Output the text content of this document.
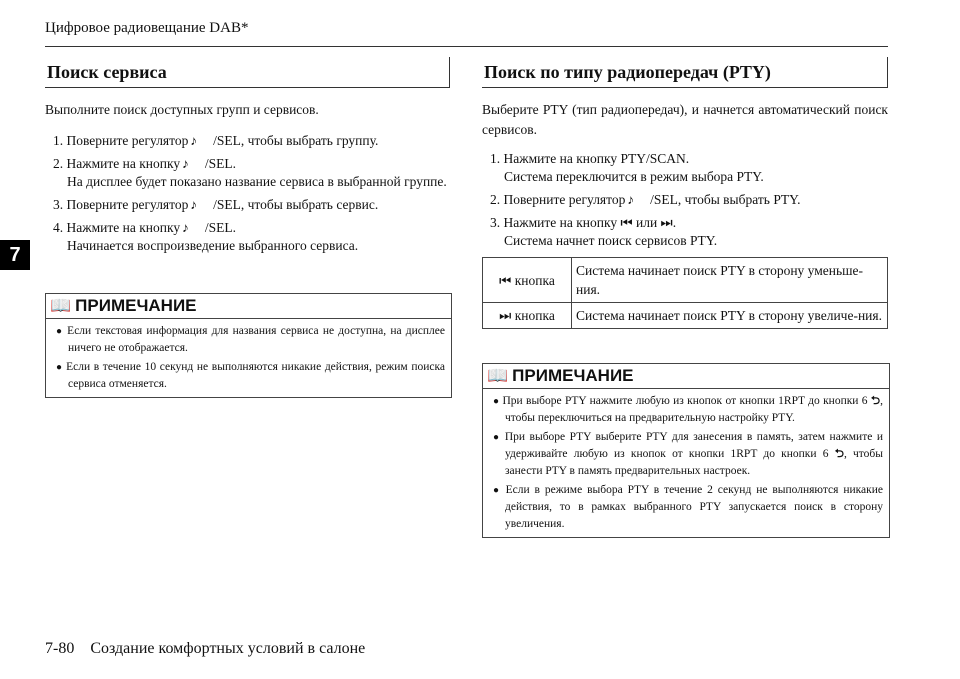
Цифровое радиовещание DAB*
7
Поиск сервиса

Выполните поиск доступных групп и сервисов.

1. Поверните регулятор ♪ /SEL, чтобы выбрать группу.
2. Нажмите на кнопку ♪ /SEL.
На дисплее будет показано название сервиса в выбранной группе.
3. Поверните регулятор ♪ /SEL, чтобы выбрать сервис.
4. Нажмите на кнопку ♪ /SEL.
Начинается воспроизведение выбранного сервиса.
📖 ПРИМЕЧАНИЕ
● Если текстовая информация для названия сервиса не доступна, на дисплее ничего не отображается.
● Если в течение 10 секунд не выполняются никакие действия, режим поиска сервиса отменяется.
Поиск по типу радиопередач (PTY)

Выберите PTY (тип радиопередач), и начнется автоматический поиск сервисов.

1. Нажмите на кнопку PTY/SCAN.
Система переключится в режим выбора PTY.
2. Поверните регулятор ♪ /SEL, чтобы выбрать PTY.
3. Нажмите на кнопку ⏮ или ⏭.
Система начнет поиск сервисов PTY.
⏮ кнопка	Система начинает поиск PTY в сторону уменьше-ния.
⏭ кнопка	Система начинает поиск PTY в сторону увеличе-ния.
📖 ПРИМЕЧАНИЕ
● При выборе PTY нажмите любую из кнопок от кнопки 1RPT до кнопки 6 ⮌, чтобы переключиться на предварительную настройку PTY.
● При выборе PTY выберите PTY для занесения в память, затем нажмите и удерживайте любую из кнопок от кнопки 1RPT до кнопки 6 ⮌, чтобы занести PTY в память предварительных настроек.
● Если в режиме выбора PTY в течение 2 секунд не выполняются никакие действия, то в рамках выбранного PTY запускается поиск в сторону увеличения.
7-80 Создание комфортных условий в салоне
